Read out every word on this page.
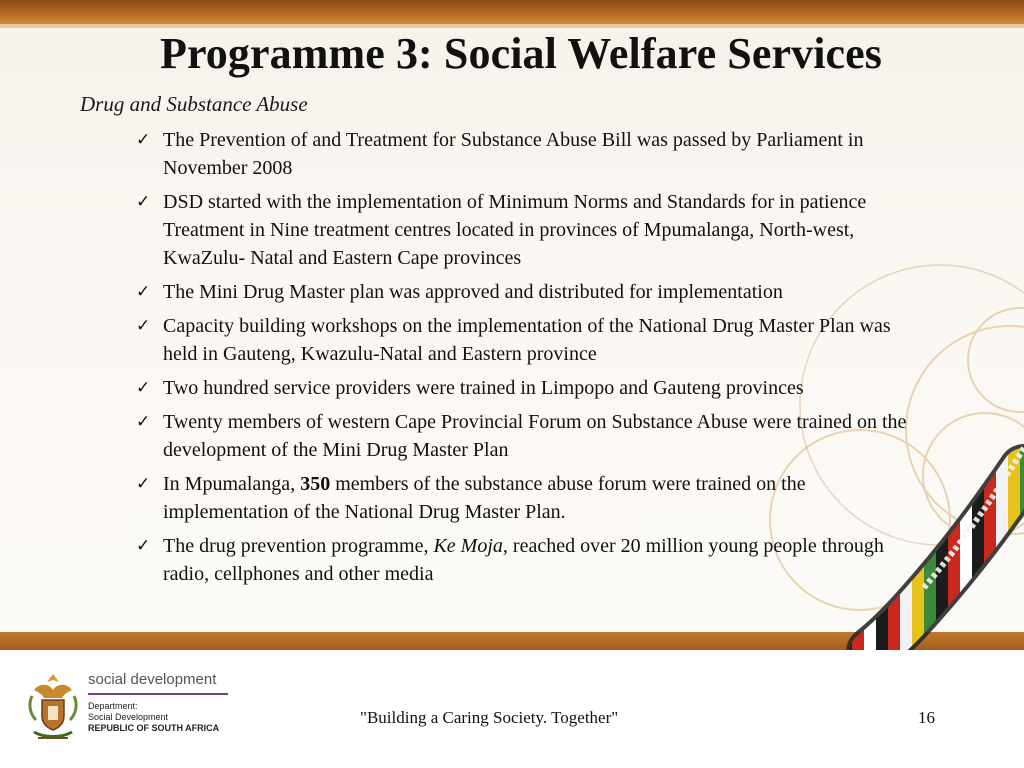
Programme 3: Social Welfare Services

Drug and Substance Abuse

✓ The Prevention of and Treatment for Substance Abuse Bill was passed by Parliament in November 2008
✓ DSD started with the implementation of Minimum Norms and Standards for in patience Treatment in Nine treatment centres located in provinces of Mpumalanga, North-west, KwaZulu- Natal and Eastern Cape provinces
✓ The Mini Drug Master plan was approved and distributed for implementation
✓ Capacity building workshops on the implementation of the National Drug Master Plan was held in Gauteng, Kwazulu-Natal and Eastern province
✓ Two hundred service providers were trained in Limpopo and Gauteng provinces
✓ Twenty members of western Cape Provincial Forum on Substance Abuse were trained on the development of the Mini Drug Master Plan
✓ In Mpumalanga, 350 members of the substance abuse forum were trained on the implementation of the National Drug Master Plan.
✓ The drug prevention programme, Ke Moja, reached over 20 million young people through radio, cellphones and other media

social development

Department:
Social Development
REPUBLIC OF SOUTH AFRICA
"Building a Caring Society. Together"	16
